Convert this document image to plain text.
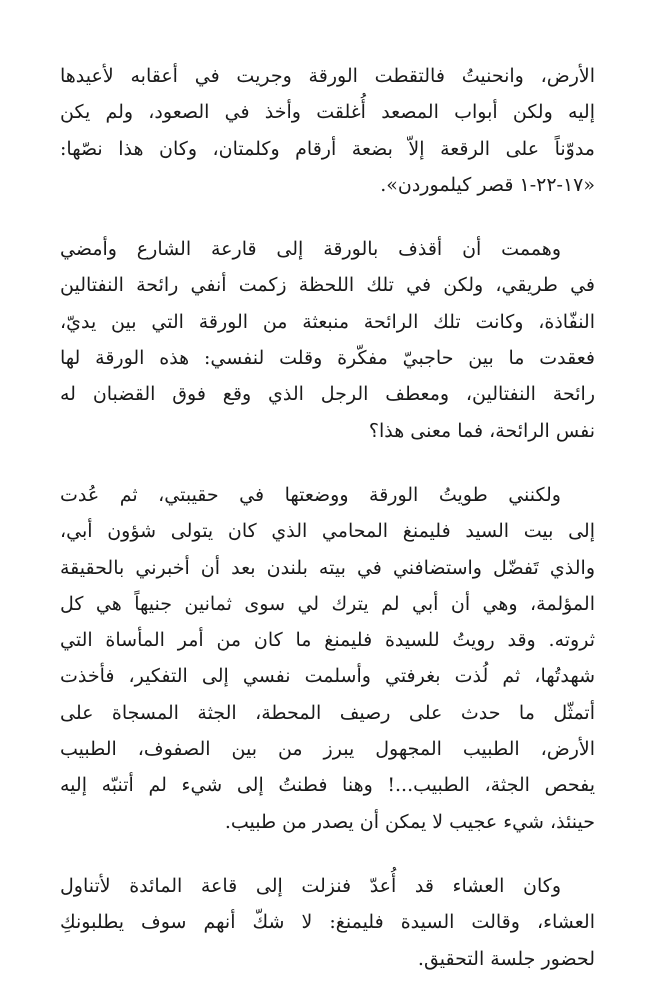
الأرض، وانحنيتُ فالتقطت الورقة وجريت في أعقابه لأعيدها
إليه ولكن أبواب المصعد أُغلقت وأخذ في الصعود، ولم يكن
مدوّناً على الرقعة إلاّ بضعة أرقام وكلمتان، وكان هذا نصّها:
«١٧-٢٢-١ قصر كيلموردن».
وهممت أن أقذف بالورقة إلى قارعة الشارع وأمضي
في طريقي، ولكن في تلك اللحظة زكمت أنفي رائحة النفتالين
النفّاذة، وكانت تلك الرائحة منبعثة من الورقة التي بين يديّ،
فعقدت ما بين حاجبيّ مفكّرة وقلت لنفسي: هذه الورقة لها
رائحة النفتالين، ومعطف الرجل الذي وقع فوق القضبان له
نفس الرائحة، فما معنى هذا؟
ولكنني طويتُ الورقة ووضعتها في حقيبتي، ثم عُدت
إلى بيت السيد فليمنغ المحامي الذي كان يتولى شؤون أبي،
والذي تَفضّل واستضافني في بيته بلندن بعد أن أخبرني بالحقيقة
المؤلمة، وهي أن أبي لم يترك لي سوى ثمانين جنيهاً هي كل
ثروته. وقد رويتُ للسيدة فليمنغ ما كان من أمر المأساة التي
شهدتُها، ثم لُذت بغرفتي وأسلمت نفسي إلى التفكير، فأخذت
أتمثّل ما حدث على رصيف المحطة، الجثة المسجاة على
الأرض، الطبيب المجهول يبرز من بين الصفوف، الطبيب
يفحص الجثة، الطبيب...! وهنا فطنتُ إلى شيء لم أتنبّه إليه
حينئذ، شيء عجيب لا يمكن أن يصدر من طبيب.
وكان العشاء قد أُعدّ فنزلت إلى قاعة المائدة لأتناول
العشاء، وقالت السيدة فليمنغ: لا شكّ أنهم سوف يطلبونكِ
لحضور جلسة التحقيق.
